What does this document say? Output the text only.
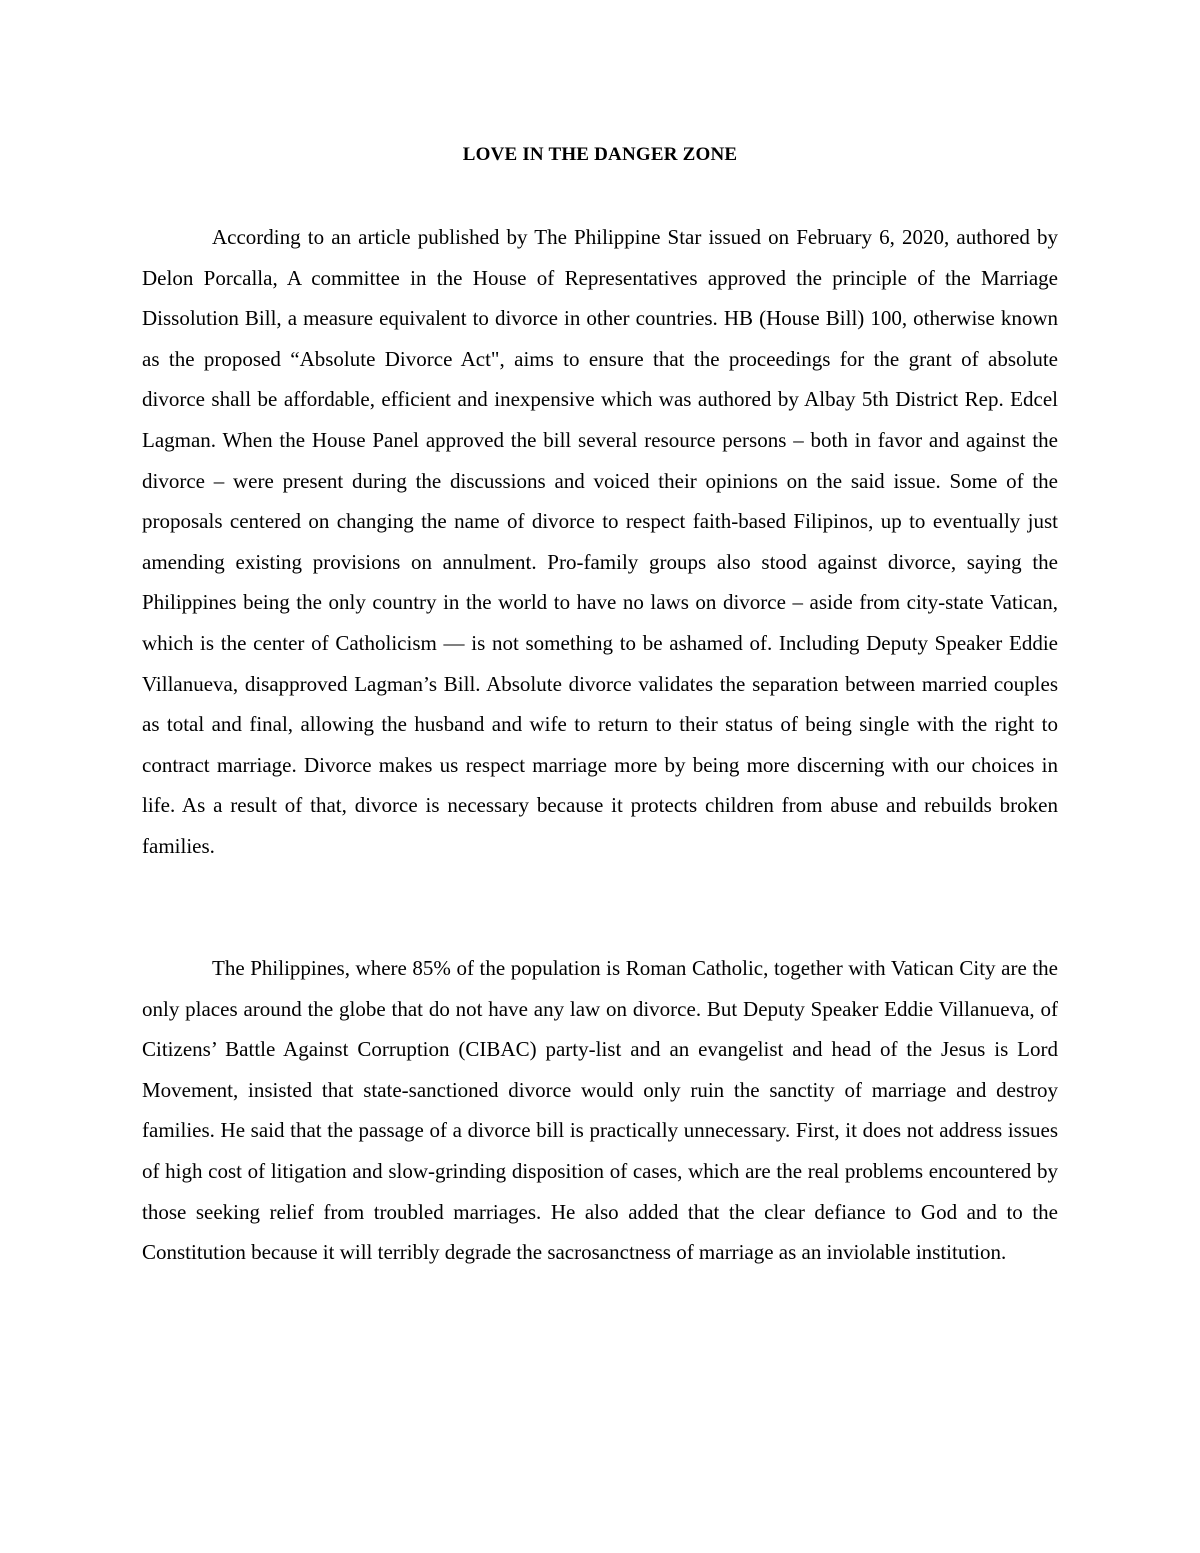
LOVE IN THE DANGER ZONE

According to an article published by The Philippine Star issued on February 6, 2020, authored by Delon Porcalla, A committee in the House of Representatives approved the principle of the Marriage Dissolution Bill, a measure equivalent to divorce in other countries. HB (House Bill) 100, otherwise known as the proposed “Absolute Divorce Act", aims to ensure that the proceedings for the grant of absolute divorce shall be affordable, efficient and inexpensive which was authored by Albay 5th District Rep. Edcel Lagman. When the House Panel approved the bill several resource persons – both in favor and against the divorce – were present during the discussions and voiced their opinions on the said issue. Some of the proposals centered on changing the name of divorce to respect faith-based Filipinos, up to eventually just amending existing provisions on annulment. Pro-family groups also stood against divorce, saying the Philippines being the only country in the world to have no laws on divorce – aside from city-state Vatican, which is the center of Catholicism — is not something to be ashamed of. Including Deputy Speaker Eddie Villanueva, disapproved Lagman’s Bill. Absolute divorce validates the separation between married couples as total and final, allowing the husband and wife to return to their status of being single with the right to contract marriage. Divorce makes us respect marriage more by being more discerning with our choices in life. As a result of that, divorce is necessary because it protects children from abuse and rebuilds broken families.

The Philippines, where 85% of the population is Roman Catholic, together with Vatican City are the only places around the globe that do not have any law on divorce. But Deputy Speaker Eddie Villanueva, of Citizens’ Battle Against Corruption (CIBAC) party-list and an evangelist and head of the Jesus is Lord Movement, insisted that state-sanctioned divorce would only ruin the sanctity of marriage and destroy families. He said that the passage of a divorce bill is practically unnecessary. First, it does not address issues of high cost of litigation and slow-grinding disposition of cases, which are the real problems encountered by those seeking relief from troubled marriages. He also added that the clear defiance to God and to the Constitution because it will terribly degrade the sacrosanctness of marriage as an inviolable institution.
